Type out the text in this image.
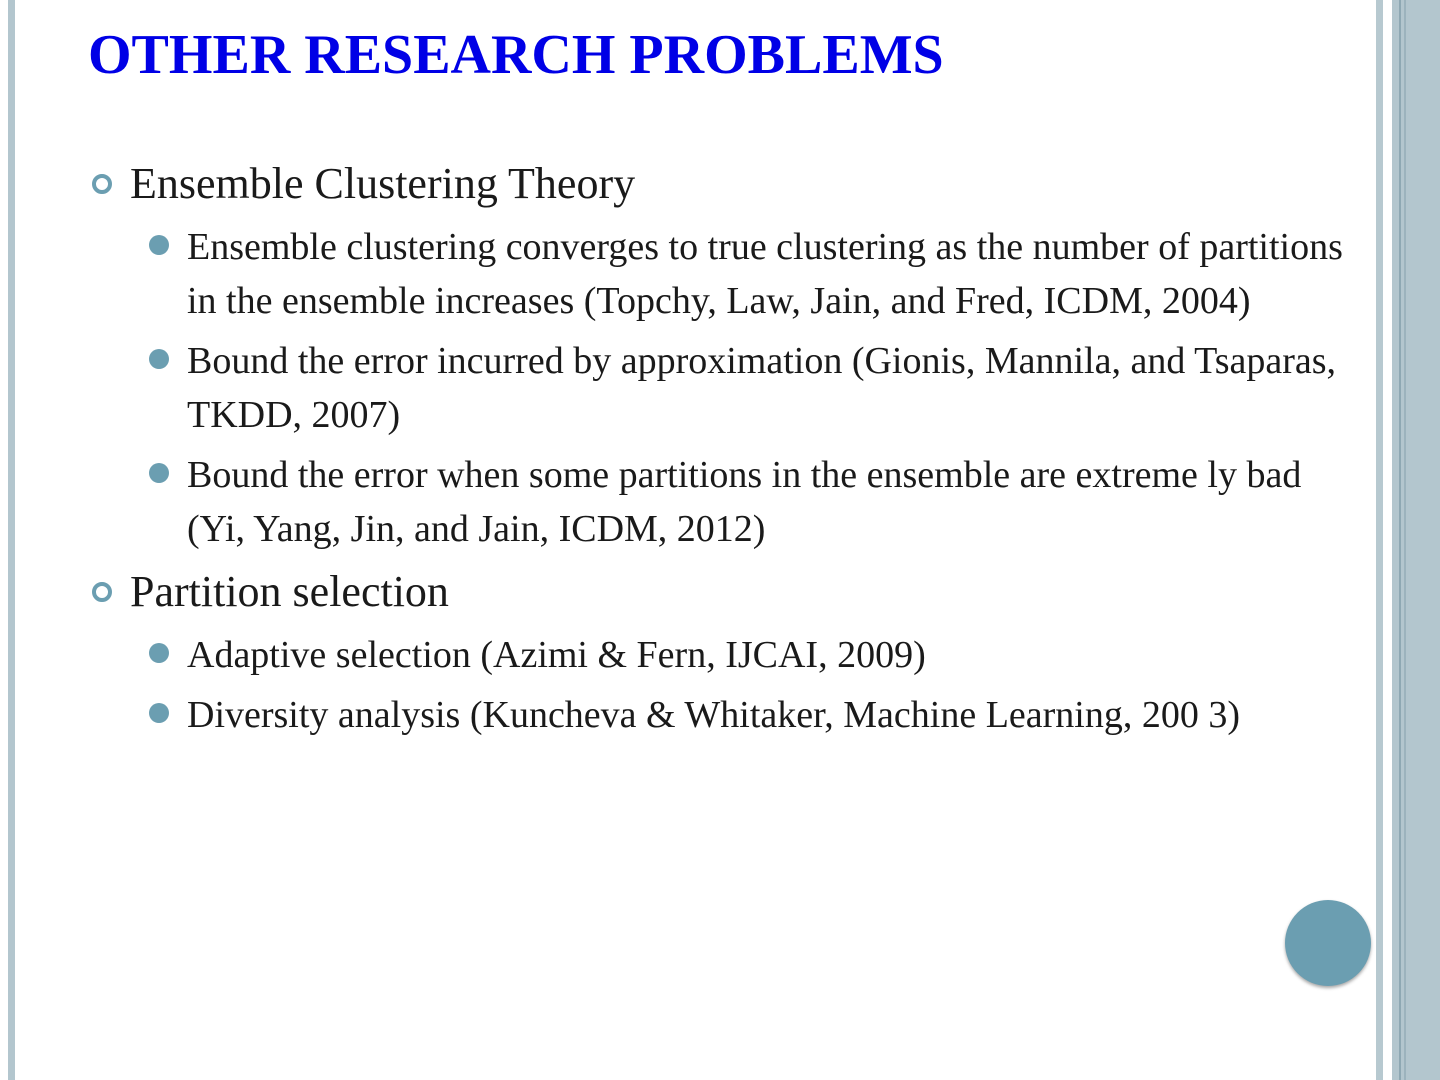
OTHER RESEARCH PROBLEMS
Ensemble Clustering Theory
Ensemble clustering converges to true clustering as the number of partitions in the ensemble increases (Topchy, Law, Jain, and Fred, ICDM, 2004)
Bound the error incurred by approximation (Gionis, Mannila, and Tsaparas, TKDD, 2007)
Bound the error when some partitions in the ensemble are extreme ly bad (Yi, Yang, Jin, and Jain, ICDM, 2012)
Partition selection
Adaptive selection (Azimi & Fern, IJCAI, 2009)
Diversity analysis (Kuncheva & Whitaker, Machine Learning, 200 3)
